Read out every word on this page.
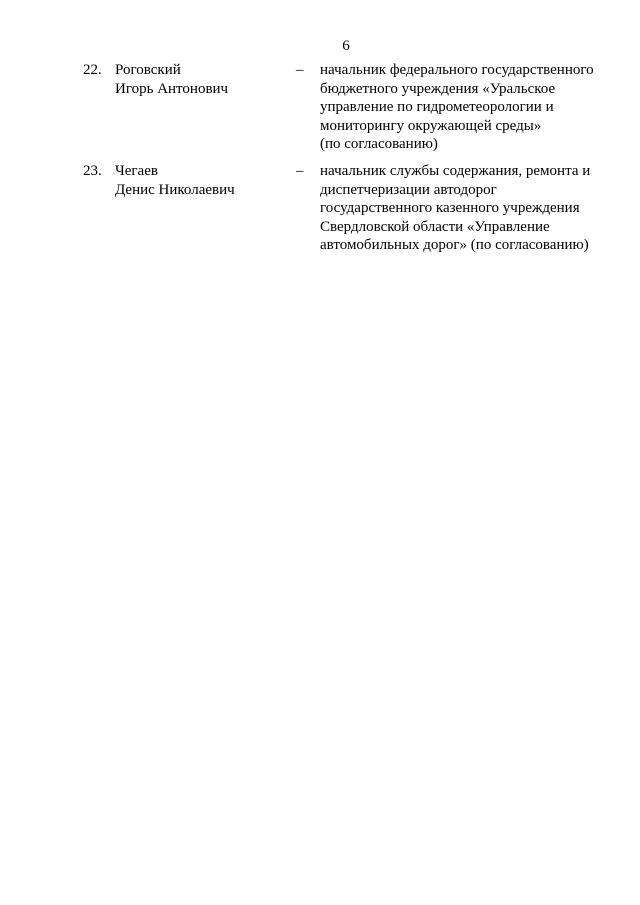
6
22. Роговский
Игорь Антонович
– начальник федерального государственного
бюджетного учреждения «Уральское
управление по гидрометеорологии и
мониторингу окружающей среды»
(по согласованию)
23. Чегаев
Денис Николаевич
– начальник службы содержания, ремонта и
диспетчеризации автодорог
государственного казенного учреждения
Свердловской области «Управление
автомобильных дорог» (по согласованию)
